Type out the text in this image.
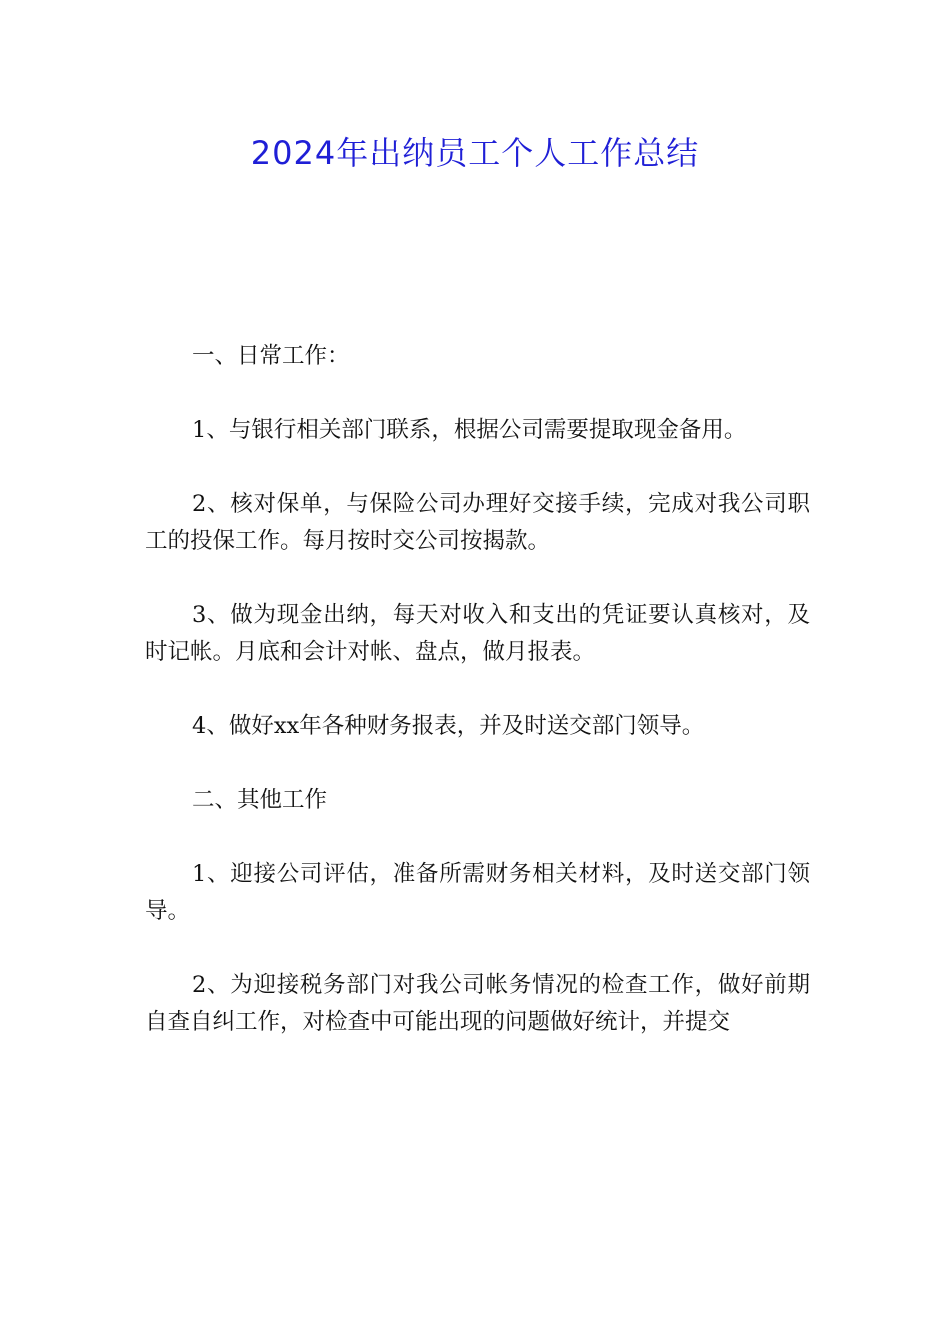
2024年出纳员工个人工作总结

一、日常工作：

1、与银行相关部门联系，根据公司需要提取现金备用。

2、核对保单，与保险公司办理好交接手续，完成对我公司职工的投保工作。每月按时交公司按揭款。

3、做为现金出纳，每天对收入和支出的凭证要认真核对，及时记帐。月底和会计对帐、盘点，做月报表。

4、做好xx年各种财务报表，并及时送交部门领导。

二、其他工作

1、迎接公司评估，准备所需财务相关材料，及时送交部门领导。

2、为迎接税务部门对我公司帐务情况的检查工作，做好前期自查自纠工作，对检查中可能出现的问题做好统计，并提交
